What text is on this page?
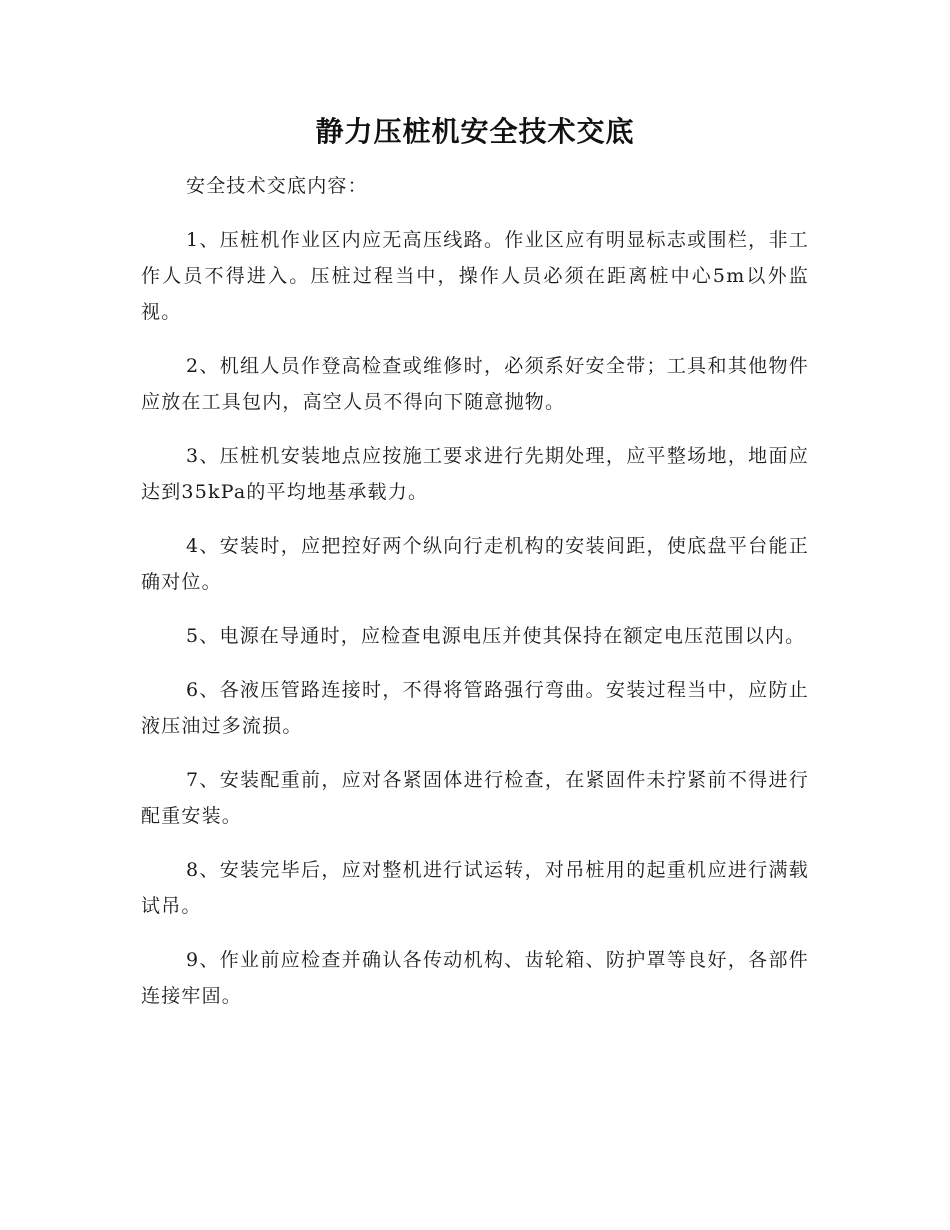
静力压桩机安全技术交底

安全技术交底内容：

1、压桩机作业区内应无高压线路。作业区应有明显标志或围栏，非工作人员不得进入。压桩过程当中，操作人员必须在距离桩中心5m以外监视。

2、机组人员作登高检查或维修时，必须系好安全带；工具和其他物件应放在工具包内，高空人员不得向下随意抛物。

3、压桩机安装地点应按施工要求进行先期处理，应平整场地，地面应达到35kPa的平均地基承载力。

4、安装时，应把控好两个纵向行走机构的安装间距，使底盘平台能正确对位。

5、电源在导通时，应检查电源电压并使其保持在额定电压范围以内。

6、各液压管路连接时，不得将管路强行弯曲。安装过程当中，应防止液压油过多流损。

7、安装配重前，应对各紧固体进行检查，在紧固件未拧紧前不得进行配重安装。

8、安装完毕后，应对整机进行试运转，对吊桩用的起重机应进行满载试吊。

9、作业前应检查并确认各传动机构、齿轮箱、防护罩等良好，各部件连接牢固。
